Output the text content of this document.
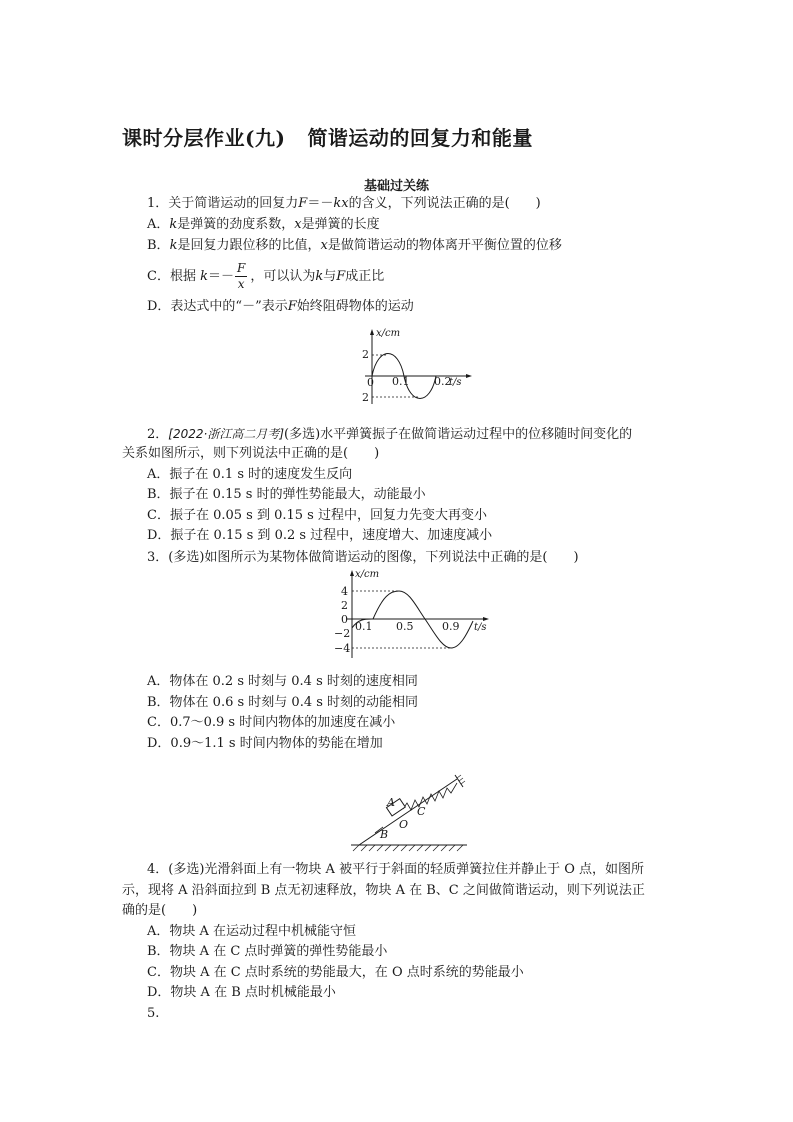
课时分层作业(九) 简谐运动的回复力和能量
基础过关练
1．关于简谐运动的回复力F＝－kx的含义，下列说法正确的是(　　)
A．k是弹簧的劲度系数，x是弹簧的长度
B．k是回复力跟位移的比值，x是做简谐运动的物体离开平衡位置的位移
C．根据 $k=- \frac{F}{x}$ ，可以认为k与F成正比
D．表达式中的“－”表示F始终阻碍物体的运动
x/cm
2
0 0.1 0.2
t/s
2
2．[2022·浙江高二月考](多选)水平弹簧振子在做简谐运动过程中的位移随时间变化的
关系如图所示，则下列说法中正确的是(　　)
A．振子在 0.1 s 时的速度发生反向
B．振子在 0.15 s 时的弹性势能最大，动能最小
C．振子在 0.05 s 到 0.15 s 过程中，回复力先变大再变小
D．振子在 0.15 s 到 0.2 s 过程中，速度增大、加速度减小
3．(多选)如图所示为某物体做简谐运动的图像，下列说法中正确的是(　　)
x/cm
4
2
0
0.1 0.5	0.9 t/s
−2
−4
A．物体在 0.2 s 时刻与 0.4 s 时刻的速度相同
B．物体在 0.6 s 时刻与 0.4 s 时刻的动能相同
C．0.7～0.9 s 时间内物体的加速度在减小
D．0.9～1.1 s 时间内物体的势能在增加
A
C
O
B
4．(多选)光滑斜面上有一物块 A 被平行于斜面的轻质弹簧拉住并静止于 O 点，如图所
示，现将 A 沿斜面拉到 B 点无初速释放，物块 A 在 B、C 之间做简谐运动，则下列说法正
确的是(　　)
A．物块 A 在运动过程中机械能守恒
B．物块 A 在 C 点时弹簧的弹性势能最小
C．物块 A 在 C 点时系统的势能最大，在 O 点时系统的势能最小
D．物块 A 在 B 点时机械能最小
5.
